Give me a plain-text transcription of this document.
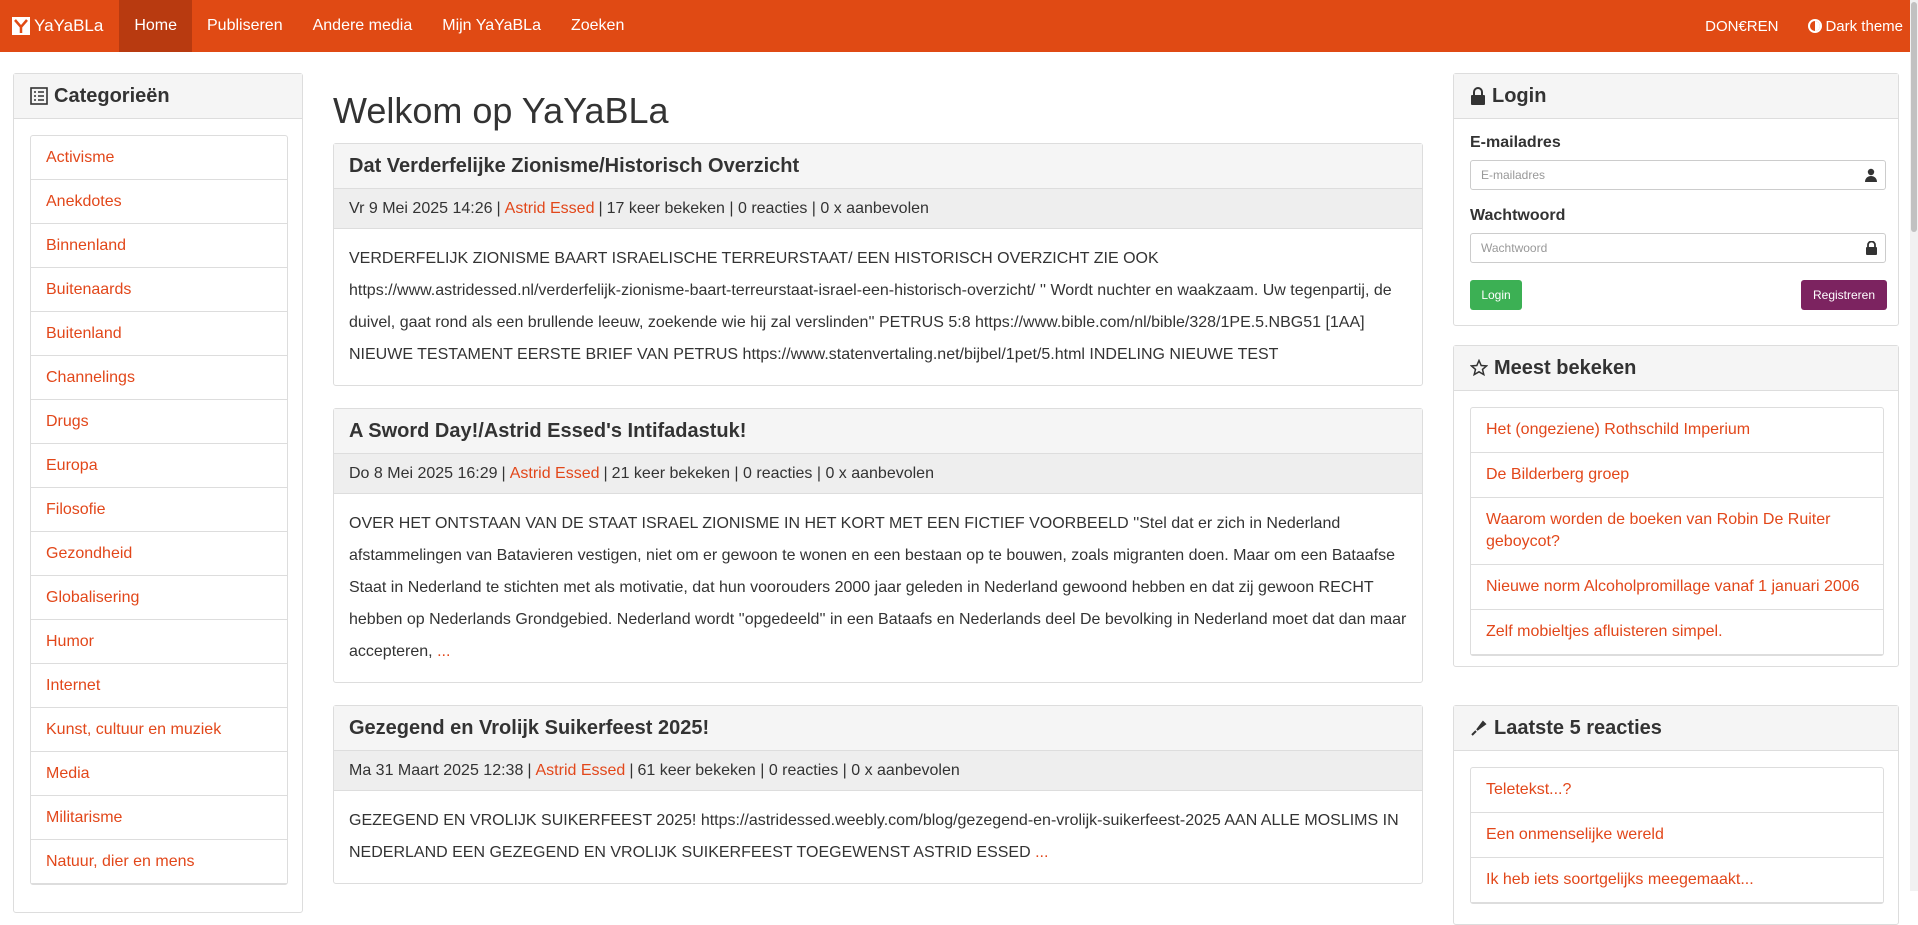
YaYaBLa	Home	Publiseren	Andere media	Mijn YaYaBLa	Zoeken	DON€REN	Dark theme
Categorieën
Activisme
Anekdotes
Binnenland
Buitenaards
Buitenland
Channelings
Drugs
Europa
Filosofie
Gezondheid
Globalisering
Humor
Internet
Kunst, cultuur en muziek
Media
Militarisme
Natuur, dier en mens
Welkom op YaYaBLa
Dat Verderfelijke Zionisme/Historisch Overzicht
Vr 9 Mei 2025 14:26 | Astrid Essed | 17 keer bekeken | 0 reacties | 0 x aanbevolen
VERDERFELIJK ZIONISME BAART ISRAELISCHE TERREURSTAAT/ EEN HISTORISCH OVERZICHT ZIE OOK https://www.astridessed.nl/verderfelijk-zionisme-baart-terreurstaat-israel-een-historisch-overzicht/ '' Wordt nuchter en waakzaam. Uw tegenpartij, de duivel, gaat rond als een brullende leeuw, zoekende wie hij zal verslinden'' PETRUS 5:8 https://www.bible.com/nl/bible/328/1PE.5.NBG51 [1AA] NIEUWE TESTAMENT EERSTE BRIEF VAN PETRUS https://www.statenvertaling.net/bijbel/1pet/5.html INDELING NIEUWE TEST
A Sword Day!/Astrid Essed's Intifadastuk!
Do 8 Mei 2025 16:29 | Astrid Essed | 21 keer bekeken | 0 reacties | 0 x aanbevolen
OVER HET ONTSTAAN VAN DE STAAT ISRAEL ZIONISME IN HET KORT MET EEN FICTIEF VOORBEELD ''Stel dat er zich in Nederland afstammelingen van Batavieren vestigen, niet om er gewoon te wonen en een bestaan op te bouwen, zoals migranten doen. Maar om een Bataafse Staat in Nederland te stichten met als motivatie, dat hun voorouders 2000 jaar geleden in Nederland gewoond hebben en dat zij gewoon RECHT hebben op Nederlands Grondgebied. Nederland wordt ''opgedeeld'' in een Bataafs en Nederlands deel De bevolking in Nederland moet dat dan maar accepteren, ...
Gezegend en Vrolijk Suikerfeest 2025!
Ma 31 Maart 2025 12:38 | Astrid Essed | 61 keer bekeken | 0 reacties | 0 x aanbevolen
GEZEGEND EN VROLIJK SUIKERFEEST 2025! https://astridessed.weebly.com/blog/gezegend-en-vrolijk-suikerfeest-2025 AAN ALLE MOSLIMS IN NEDERLAND EEN GEZEGEND EN VROLIJK SUIKERFEEST TOEGEWENST ASTRID ESSED ...
Login
E-mailadres
E-mailadres
Wachtwoord
Wachtwoord
Login	Registreren
Meest bekeken
Het (ongeziene) Rothschild Imperium
De Bilderberg groep
Waarom worden de boeken van Robin De Ruiter geboycot?
Nieuwe norm Alcoholpromillage vanaf 1 januari 2006
Zelf mobieltjes afluisteren simpel.
Laatste 5 reacties
Teletekst...?
Een onmenselijke wereld
Ik heb iets soortgelijks meegemaakt...
